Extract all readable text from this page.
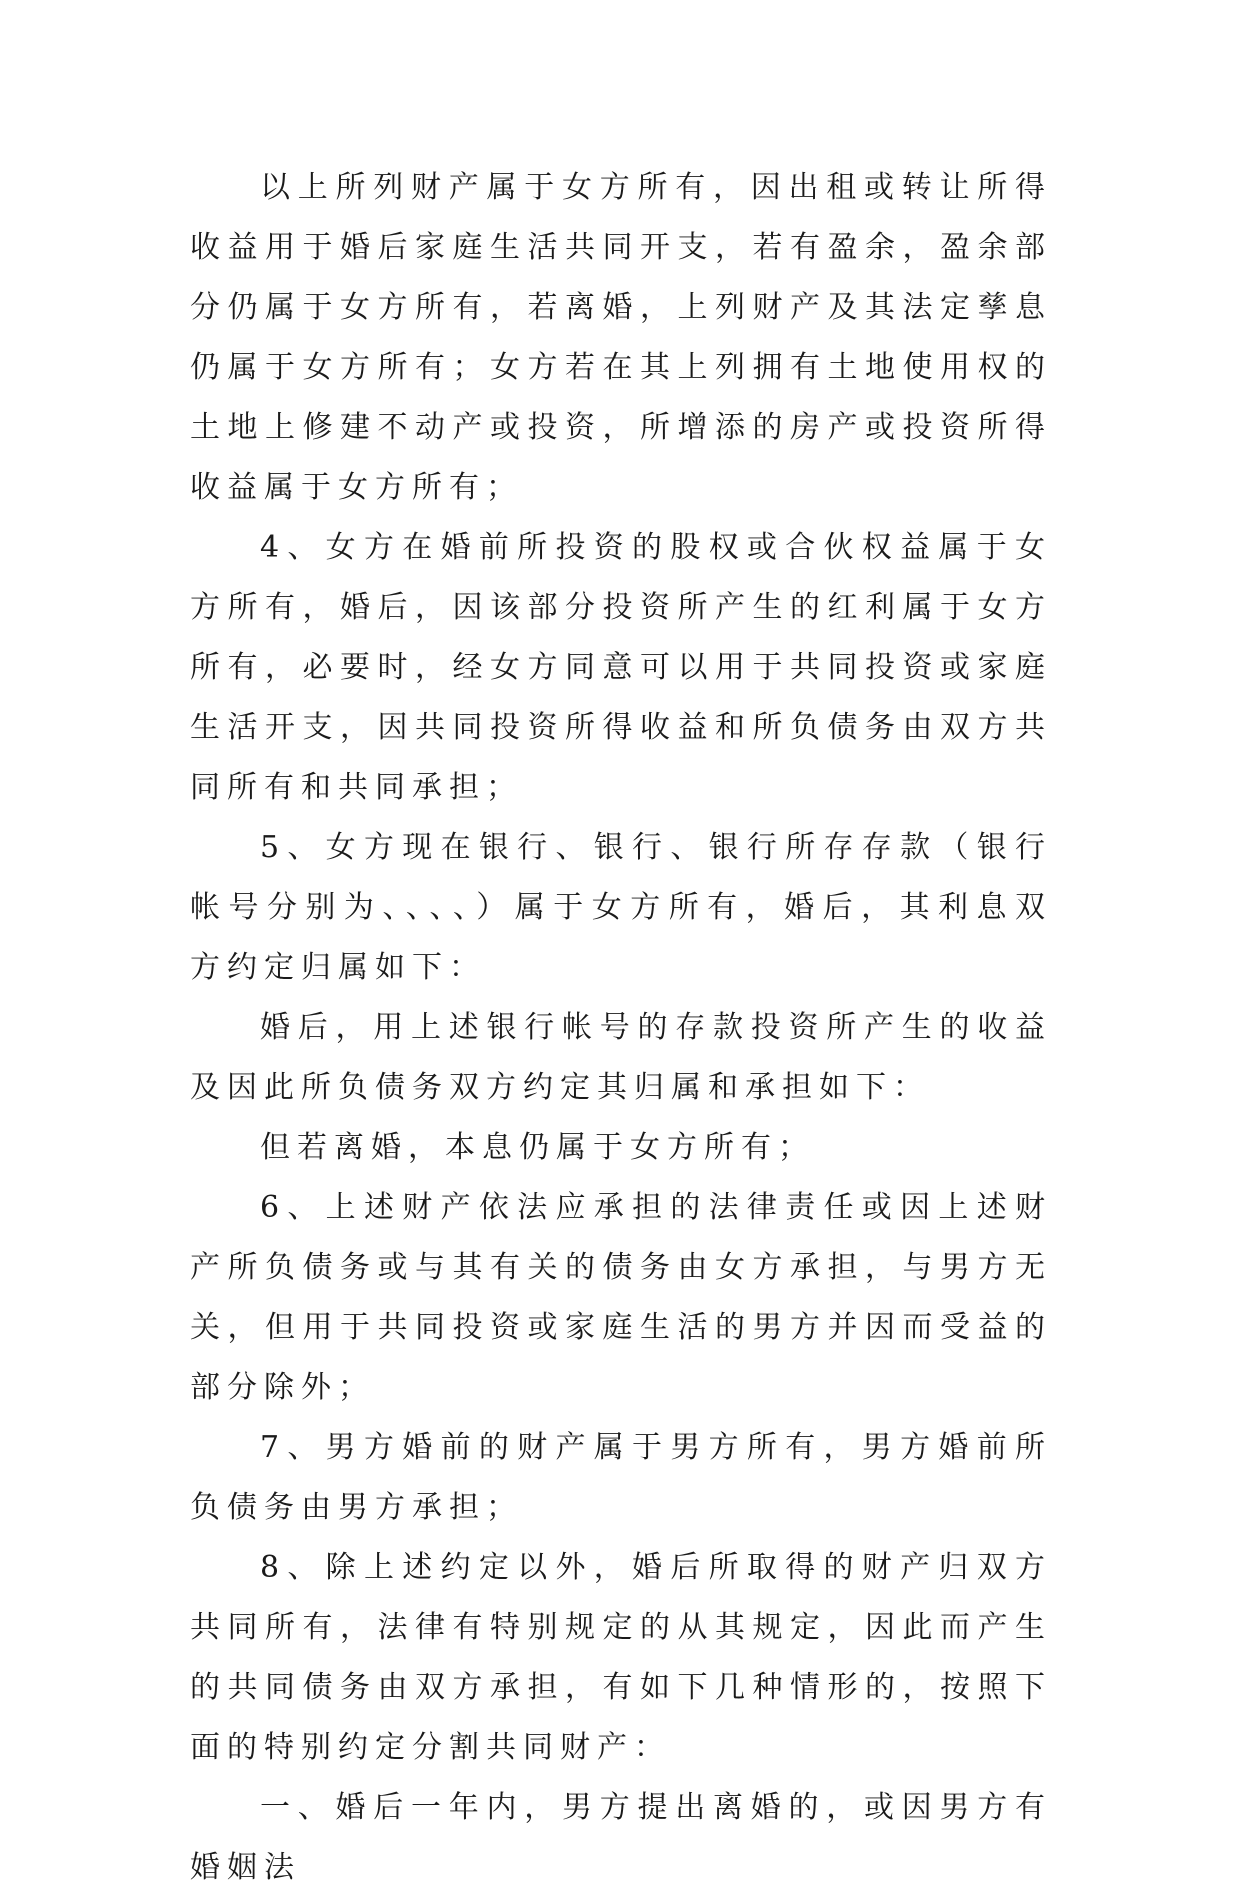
以上所列财产属于女方所有，因出租或转让所得收益用于婚后家庭生活共同开支，若有盈余，盈余部分仍属于女方所有，若离婚，上列财产及其法定孳息仍属于女方所有；女方若在其上列拥有土地使用权的土地上修建不动产或投资，所增添的房产或投资所得收益属于女方所有；

4、女方在婚前所投资的股权或合伙权益属于女方所有，婚后，因该部分投资所产生的红利属于女方所有，必要时，经女方同意可以用于共同投资或家庭生活开支，因共同投资所得收益和所负债务由双方共同所有和共同承担；

5、女方现在银行、银行、银行所存存款（银行帐号分别为、、、、）属于女方所有，婚后，其利息双方约定归属如下：

婚后，用上述银行帐号的存款投资所产生的收益及因此所负债务双方约定其归属和承担如下：

但若离婚，本息仍属于女方所有；

6、上述财产依法应承担的法律责任或因上述财产所负债务或与其有关的债务由女方承担，与男方无关，但用于共同投资或家庭生活的男方并因而受益的部分除外；

7、男方婚前的财产属于男方所有，男方婚前所负债务由男方承担；

8、除上述约定以外，婚后所取得的财产归双方共同所有，法律有特别规定的从其规定，因此而产生的共同债务由双方承担，有如下几种情形的，按照下面的特别约定分割共同财产：

一、婚后一年内，男方提出离婚的，或因男方有婚姻法
